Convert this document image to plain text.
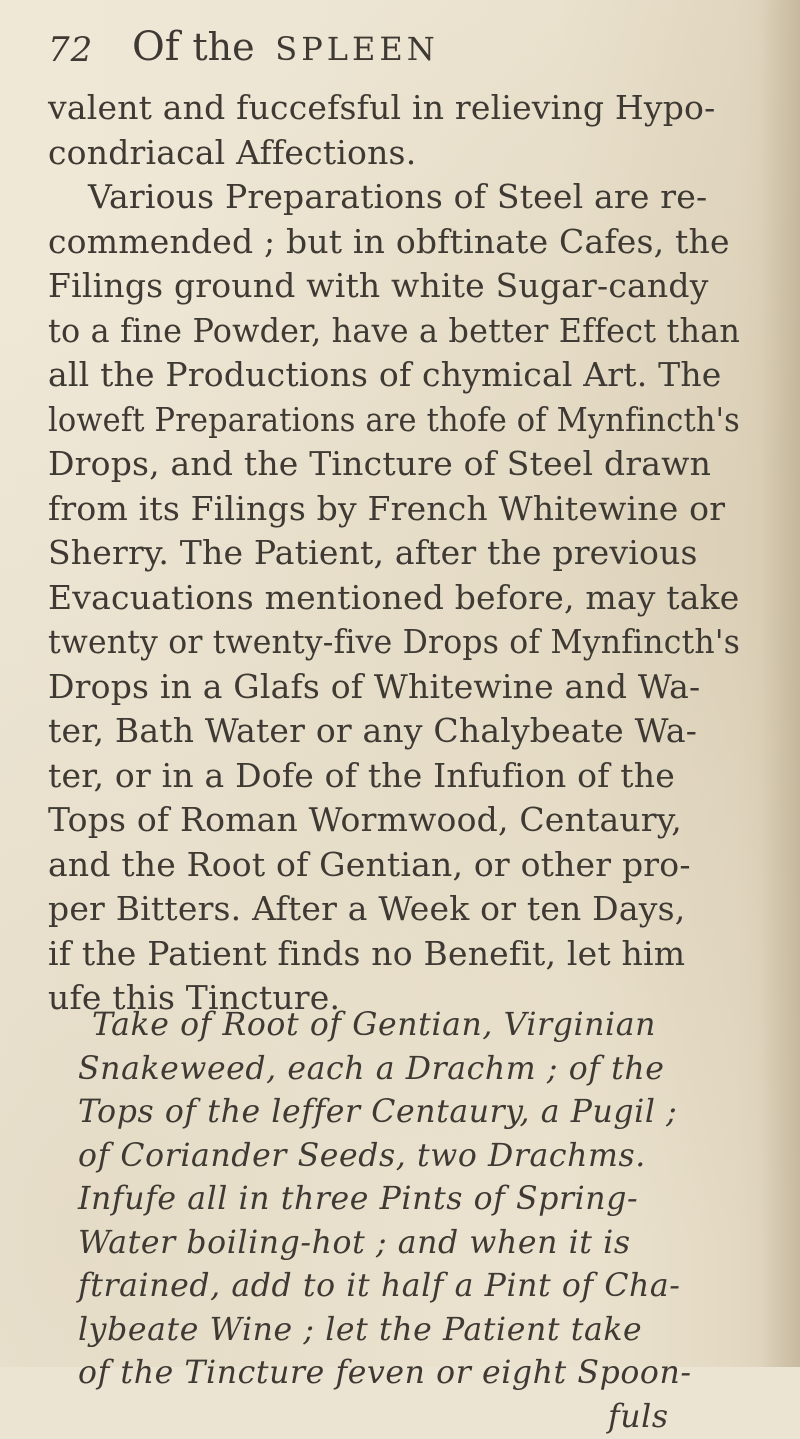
72 Of the SPLEEN
valent and fuccefsful in relieving Hypo-
condriacal Affections.
Various Preparations of Steel are re-
commended ; but in obftinate Cafes, the
Filings ground with white Sugar-candy
to a fine Powder, have a better Effect than
all the Productions of chymical Art. The
loweft Preparations are thofe of Mynfincth's
Drops, and the Tincture of Steel drawn
from its Filings by French Whitewine or
Sherry. The Patient, after the previous
Evacuations mentioned before, may take
twenty or twenty-five Drops of Mynfincth's
Drops in a Glafs of Whitewine and Wa-
ter, Bath Water or any Chalybeate Wa-
ter, or in a Dofe of the Infufion of the
Tops of Roman Wormwood, Centaury,
and the Root of Gentian, or other pro-
per Bitters. After a Week or ten Days,
if the Patient finds no Benefit, let him
ufe this Tincture.
Take of Root of Gentian, Virginian
Snakeweed, each a Drachm ; of the
Tops of the leffer Centaury, a Pugil ;
of Coriander Seeds, two Drachms.
Infufe all in three Pints of Spring-
Water boiling-hot ; and when it is
ftrained, add to it half a Pint of Cha-
lybeate Wine ; let the Patient take
of the Tincture feven or eight Spoon-
fuls
